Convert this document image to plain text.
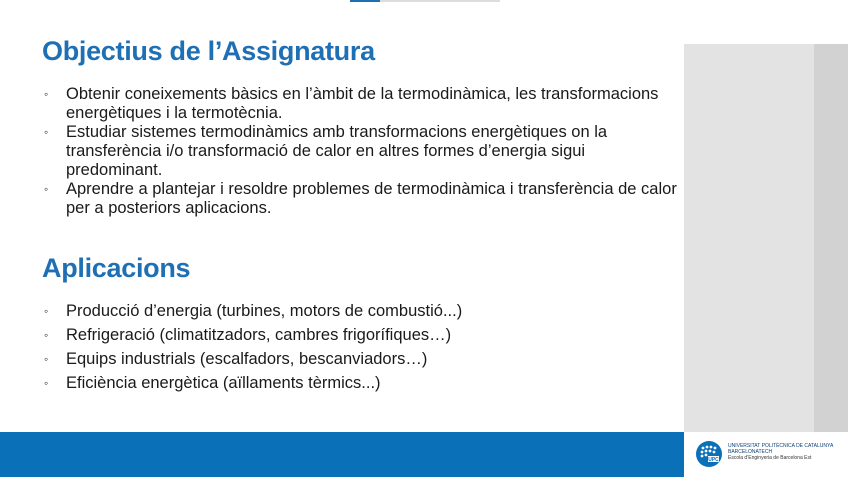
Objectius de l’Assignatura
◦ Obtenir coneixements bàsics en l’àmbit de la termodinàmica, les transformacions energètiques i la termotècnia.
◦ Estudiar sistemes termodinàmics amb transformacions energètiques on la transferència i/o transformació de calor en altres formes d’energia sigui predominant.
◦ Aprendre a plantejar i resoldre problemes de termodinàmica i transferència de calor per a posteriors aplicacions.
Aplicacions
◦ Producció d’energia (turbines, motors de combustió...)
◦ Refrigeració (climatitzadors, cambres frigorífiques…)
◦ Equips industrials (escalfadors, bescanviadors…)
◦ Eficiència energètica (aïllaments tèrmics...)
UPC
UNIVERSITAT POLITÈCNICA DE CATALUNYA
BARCELONATECH
Escola d’Enginyeria de Barcelona Est
